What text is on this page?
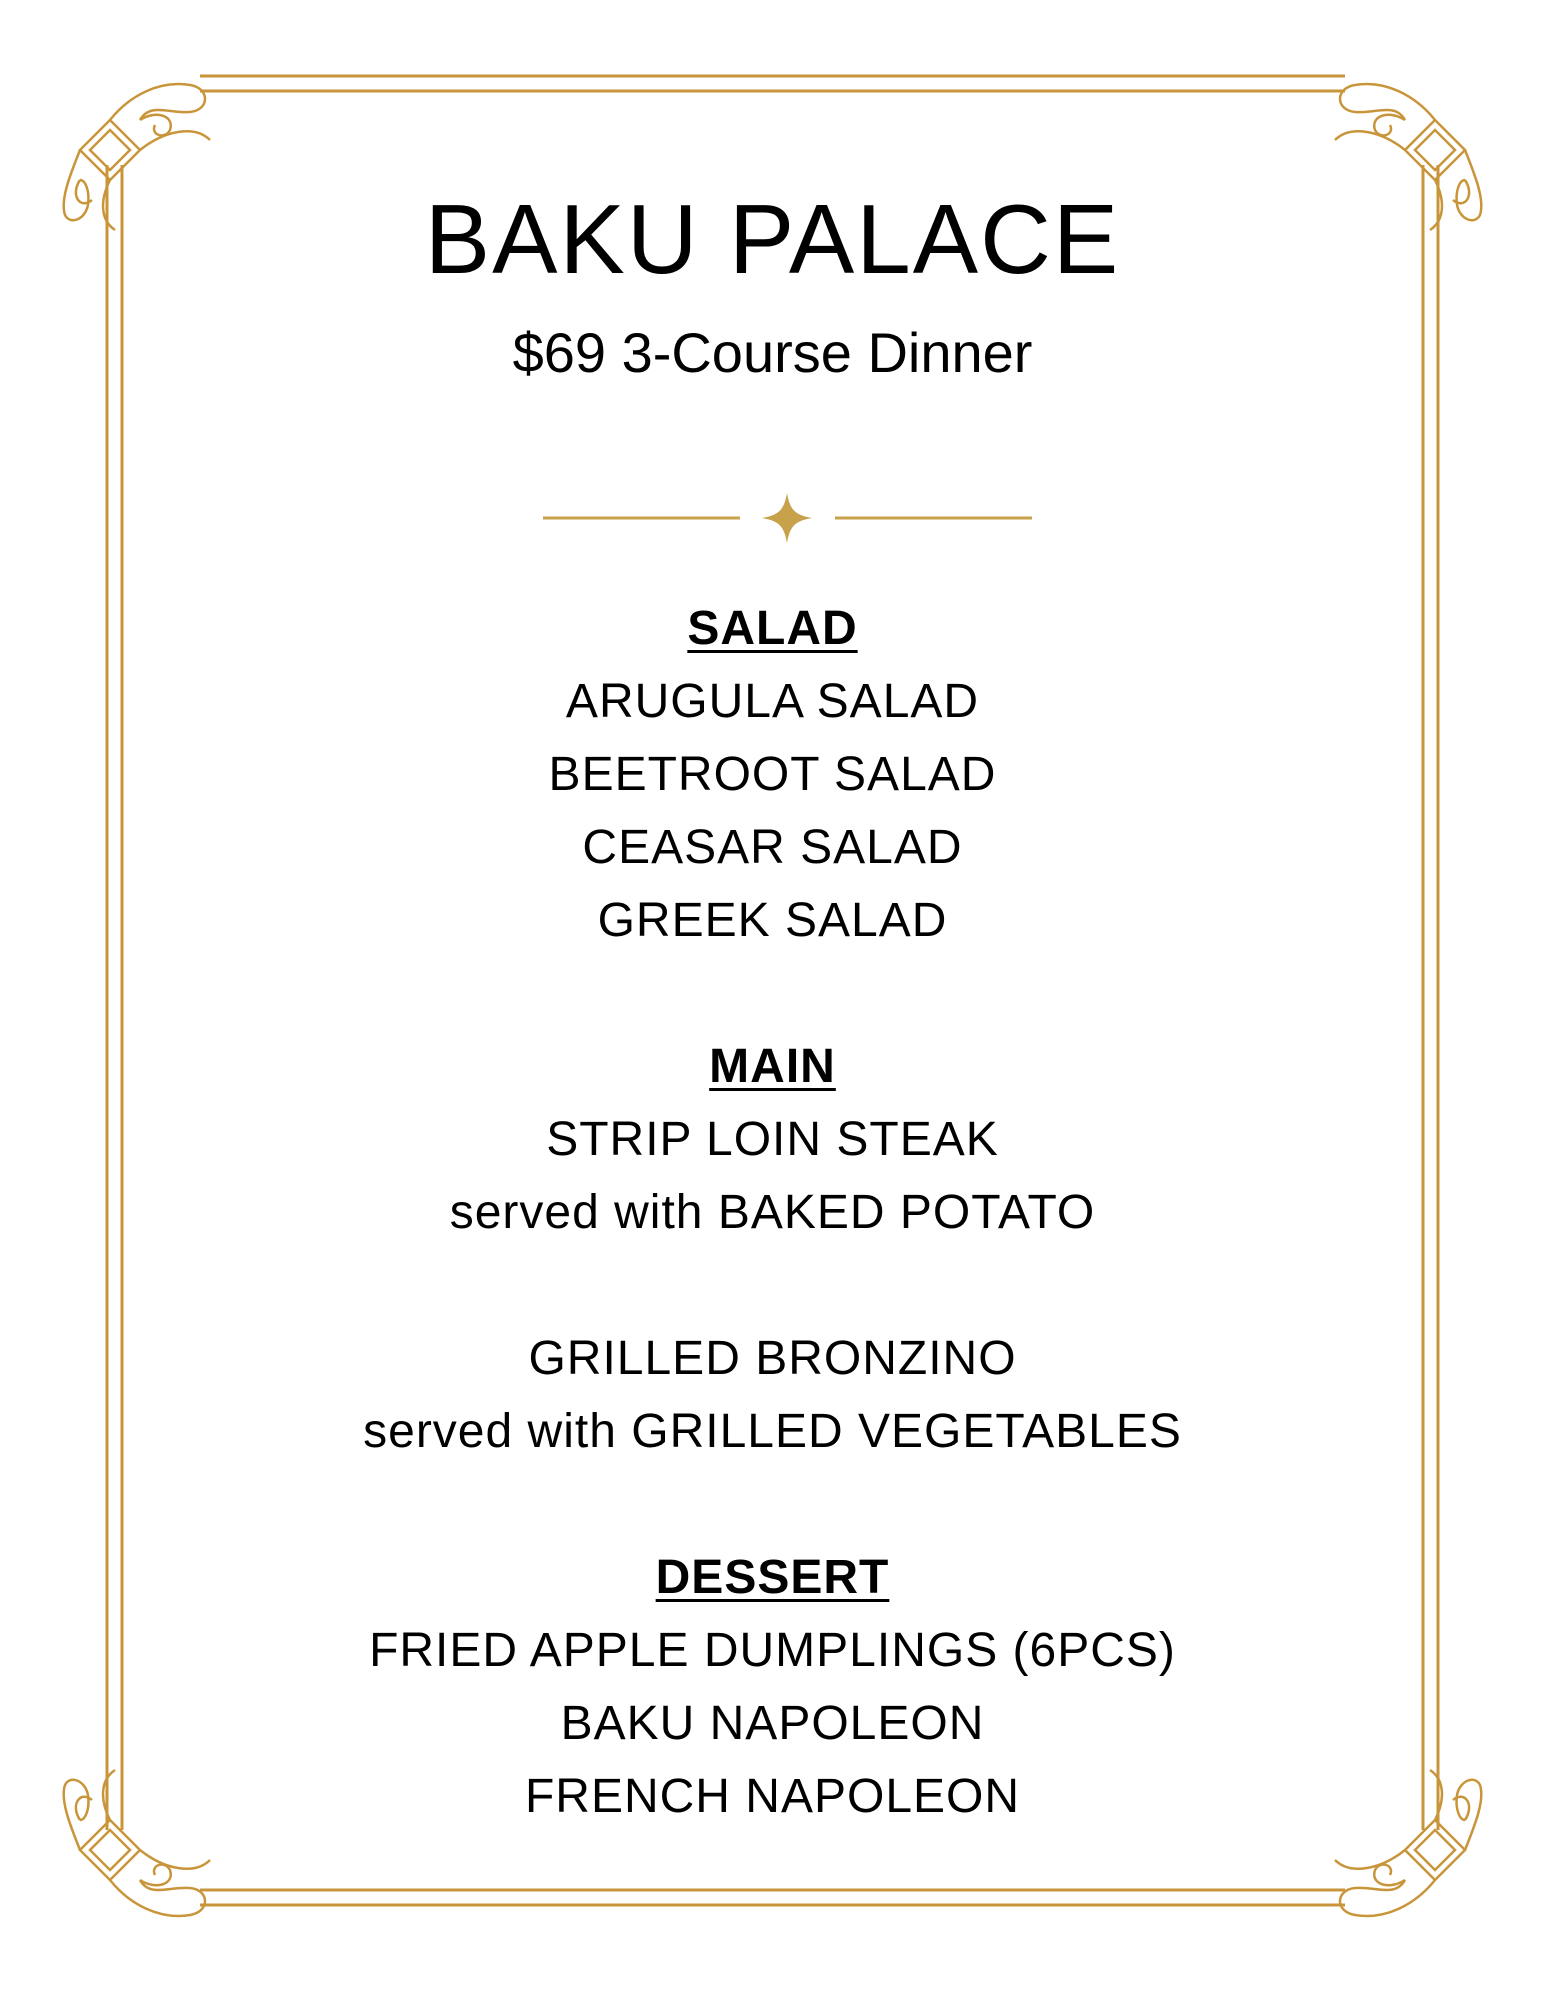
BAKU PALACE
$69 3-Course Dinner
SALAD
ARUGULA SALAD
BEETROOT SALAD
CEASAR SALAD
GREEK SALAD
MAIN
STRIP LOIN STEAK
served with BAKED POTATO
GRILLED BRONZINO
served with GRILLED VEGETABLES
DESSERT
FRIED APPLE DUMPLINGS (6PCS)
BAKU NAPOLEON
FRENCH NAPOLEON
